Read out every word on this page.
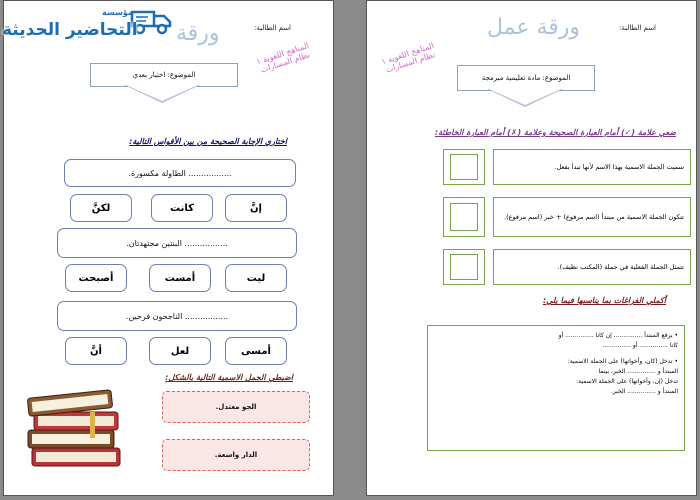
اسم الطالبة:
ورقة
المناهج اللغوية ١
نظام المسارات
الموضوع: اختبار بعدي
اختاري الإجابة الصحيحة من بين الأقواس التالية:
................. الطاولة مكسورة.
إنَّ
كانت
لكنَّ
................. البنتين مجتهدتان.
ليت
أمست
أصبحت
................. الناجحون فرحين.
أمسى
لعل
أنَّ
اضبطي الجمل الاسمية التالية بالشكل:
الجو معتدل.
الدار واسعة.
اسم الطالبة:
ورقة عمل
المناهج اللغوية ١
نظام المسارات
الموضوع: مادة تعليمية مبرمجة
ضعي علامة (✓) أمام العبارة الصحيحة وعلامة (✗) أمام العبارة الخاطئة:
سميت الجملة الاسمية بهذا الاسم لأنها تبدأ بفعل.
تتكون الجملة الاسمية من مبتدأ (اسم مرفوع) + خبر (اسم مرفوع).
تتمثل الجملة الفعلية في جملة (المكتب نظيف).
أكملي الفراغات بما يناسبها فيما يلي:
• يرفع المبتدأ ............... إن كانا ............... أو
كانا ............... أو ...............
• تدخل (كان، وأخواتها) على الجملة الاسمية:
المبتدأ و ............... الخبر، بينما
تدخل (إن، وأخواتها) على الجملة الاسمية:
المبتدأ و ............... الخبر.
مؤسسة
التحاضير الحديثة
